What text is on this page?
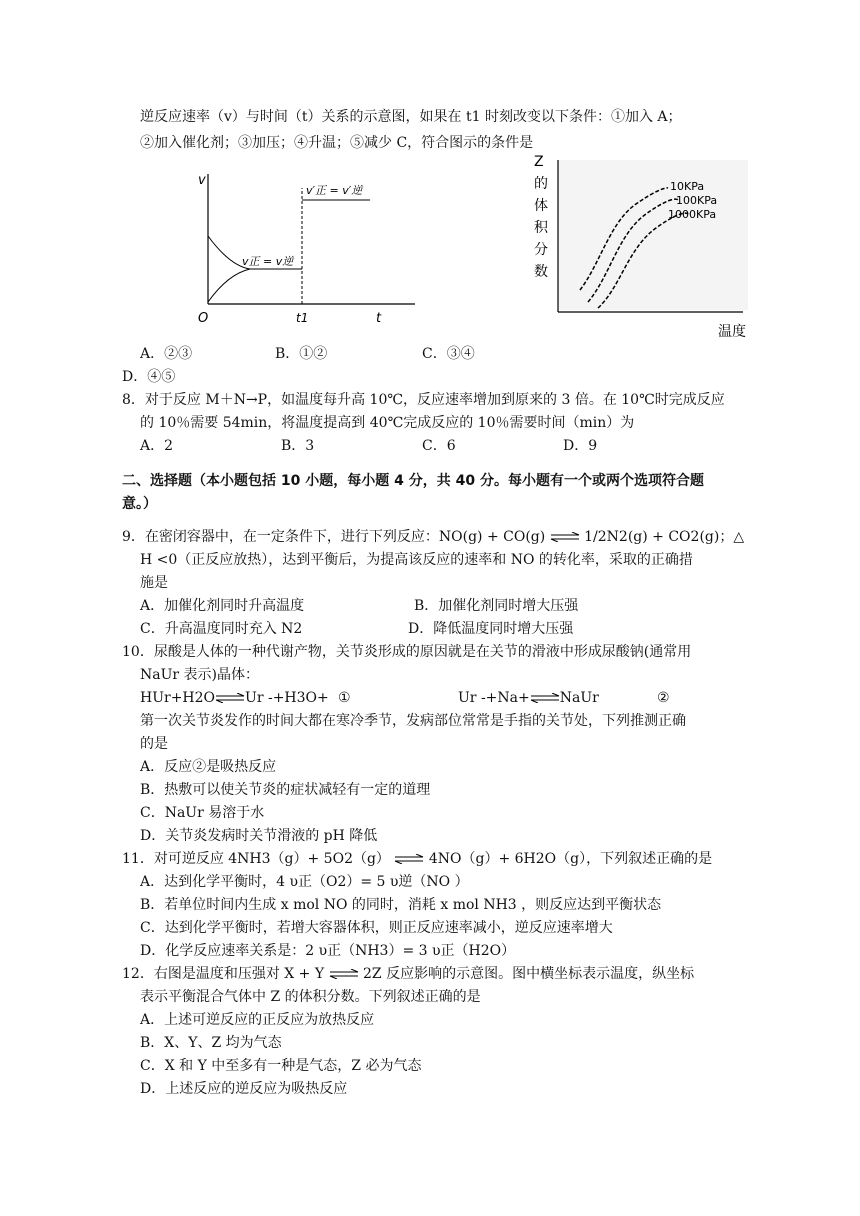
逆反应速率（v）与时间（t）关系的示意图，如果在 t1 时刻改变以下条件：①加入 A；
②加入催化剂；③加压；④升温；⑤减少 C，符合图示的条件是
v
O	t1	t
v正 = v逆
v′正 = v′逆
Z
的
体
积
分
数
10KPa
100KPa
1000KPa
温度
A．②③	B．①②	C．③④
D．④⑤
8．对于反应 M＋N→P，如温度每升高 10℃，反应速率增加到原来的 3 倍。在 10℃时完成反应
的 10％需要 54min，将温度提高到 40℃完成反应的 10％需要时间（min）为
A．2	B．3	C．6	D．9
二、选择题（本小题包括 10 小题，每小题 4 分，共 40 分。每小题有一个或两个选项符合题
意。）
9．在密闭容器中，在一定条件下，进行下列反应：NO(g) + CO(g) ⇌ 1/2N2(g) + CO2(g)；△
H <0（正反应放热），达到平衡后，为提高该反应的速率和 NO 的转化率，采取的正确措
施是
A．加催化剂同时升高温度	B．加催化剂同时增大压强
C．升高温度同时充入 N2	D．降低温度同时增大压强
10．尿酸是人体的一种代谢产物，关节炎形成的原因就是在关节的滑液中形成尿酸钠(通常用
NaUr 表示)晶体：
HUr+H2O⇌Ur -+H3O+ ①	Ur -+Na+⇌NaUr	②
第一次关节炎发作的时间大都在寒冷季节，发病部位常常是手指的关节处，下列推测正确
的是
A．反应②是吸热反应
B．热敷可以使关节炎的症状减轻有一定的道理
C．NaUr 易溶于水
D．关节炎发病时关节滑液的 pH 降低
11．对可逆反应 4NH3（g）+ 5O2（g） ⇌ 4NO（g）+ 6H2O（g），下列叙述正确的是
A．达到化学平衡时，4 υ正（O2）= 5 υ逆（NO ）
B．若单位时间内生成 x mol NO 的同时，消耗 x mol NH3 ，则反应达到平衡状态
C．达到化学平衡时，若增大容器体积，则正反应速率减小，逆反应速率增大
D．化学反应速率关系是：2 υ正（NH3）= 3 υ正（H2O）
12．右图是温度和压强对 X + Y ⇌ 2Z 反应影响的示意图。图中横坐标表示温度，纵坐标
表示平衡混合气体中 Z 的体积分数。下列叙述正确的是
A．上述可逆反应的正反应为放热反应
B．X、Y、Z 均为气态
C．X 和 Y 中至多有一种是气态，Z 必为气态
D．上述反应的逆反应为吸热反应
